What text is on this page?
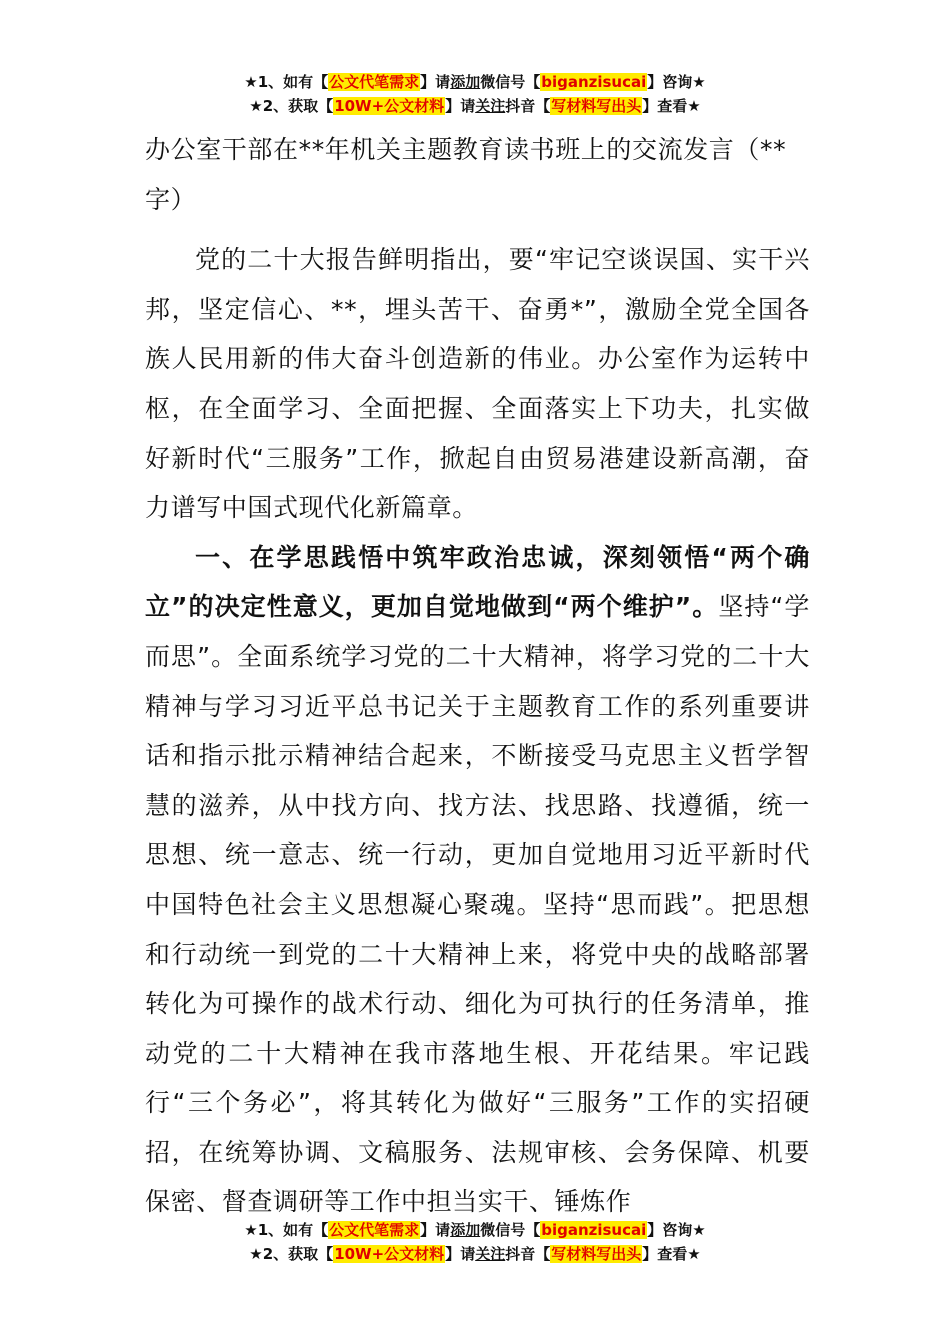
★1、如有【公文代笔需求】请添加微信号【biganzisucai】咨询★
★2、获取【10W+公文材料】请关注抖音【写材料写出头】查看★

办公室干部在**年机关主题教育读书班上的交流发言（**字）

党的二十大报告鲜明指出，要“牢记空谈误国、实干兴邦，坚定信心、**，埋头苦干、奋勇*”，激励全党全国各族人民用新的伟大奋斗创造新的伟业。办公室作为运转中枢，在全面学习、全面把握、全面落实上下功夫，扎实做好新时代“三服务”工作，掀起自由贸易港建设新高潮，奋力谱写中国式现代化新篇章。

一、在学思践悟中筑牢政治忠诚，深刻领悟“两个确立”的决定性意义，更加自觉地做到“两个维护”。坚持“学而思”。全面系统学习党的二十大精神，将学习党的二十大精神与学习习近平总书记关于主题教育工作的系列重要讲话和指示批示精神结合起来，不断接受马克思主义哲学智慧的滋养，从中找方向、找方法、找思路、找遵循，统一思想、统一意志、统一行动，更加自觉地用习近平新时代中国特色社会主义思想凝心聚魂。坚持“思而践”。把思想和行动统一到党的二十大精神上来，将党中央的战略部署转化为可操作的战术行动、细化为可执行的任务清单，推动党的二十大精神在我市落地生根、开花结果。牢记践行“三个务必”，将其转化为做好“三服务”工作的实招硬招，在统筹协调、文稿服务、法规审核、会务保障、机要保密、督查调研等工作中担当实干、锤炼作

★1、如有【公文代笔需求】请添加微信号【biganzisucai】咨询★
★2、获取【10W+公文材料】请关注抖音【写材料写出头】查看★
